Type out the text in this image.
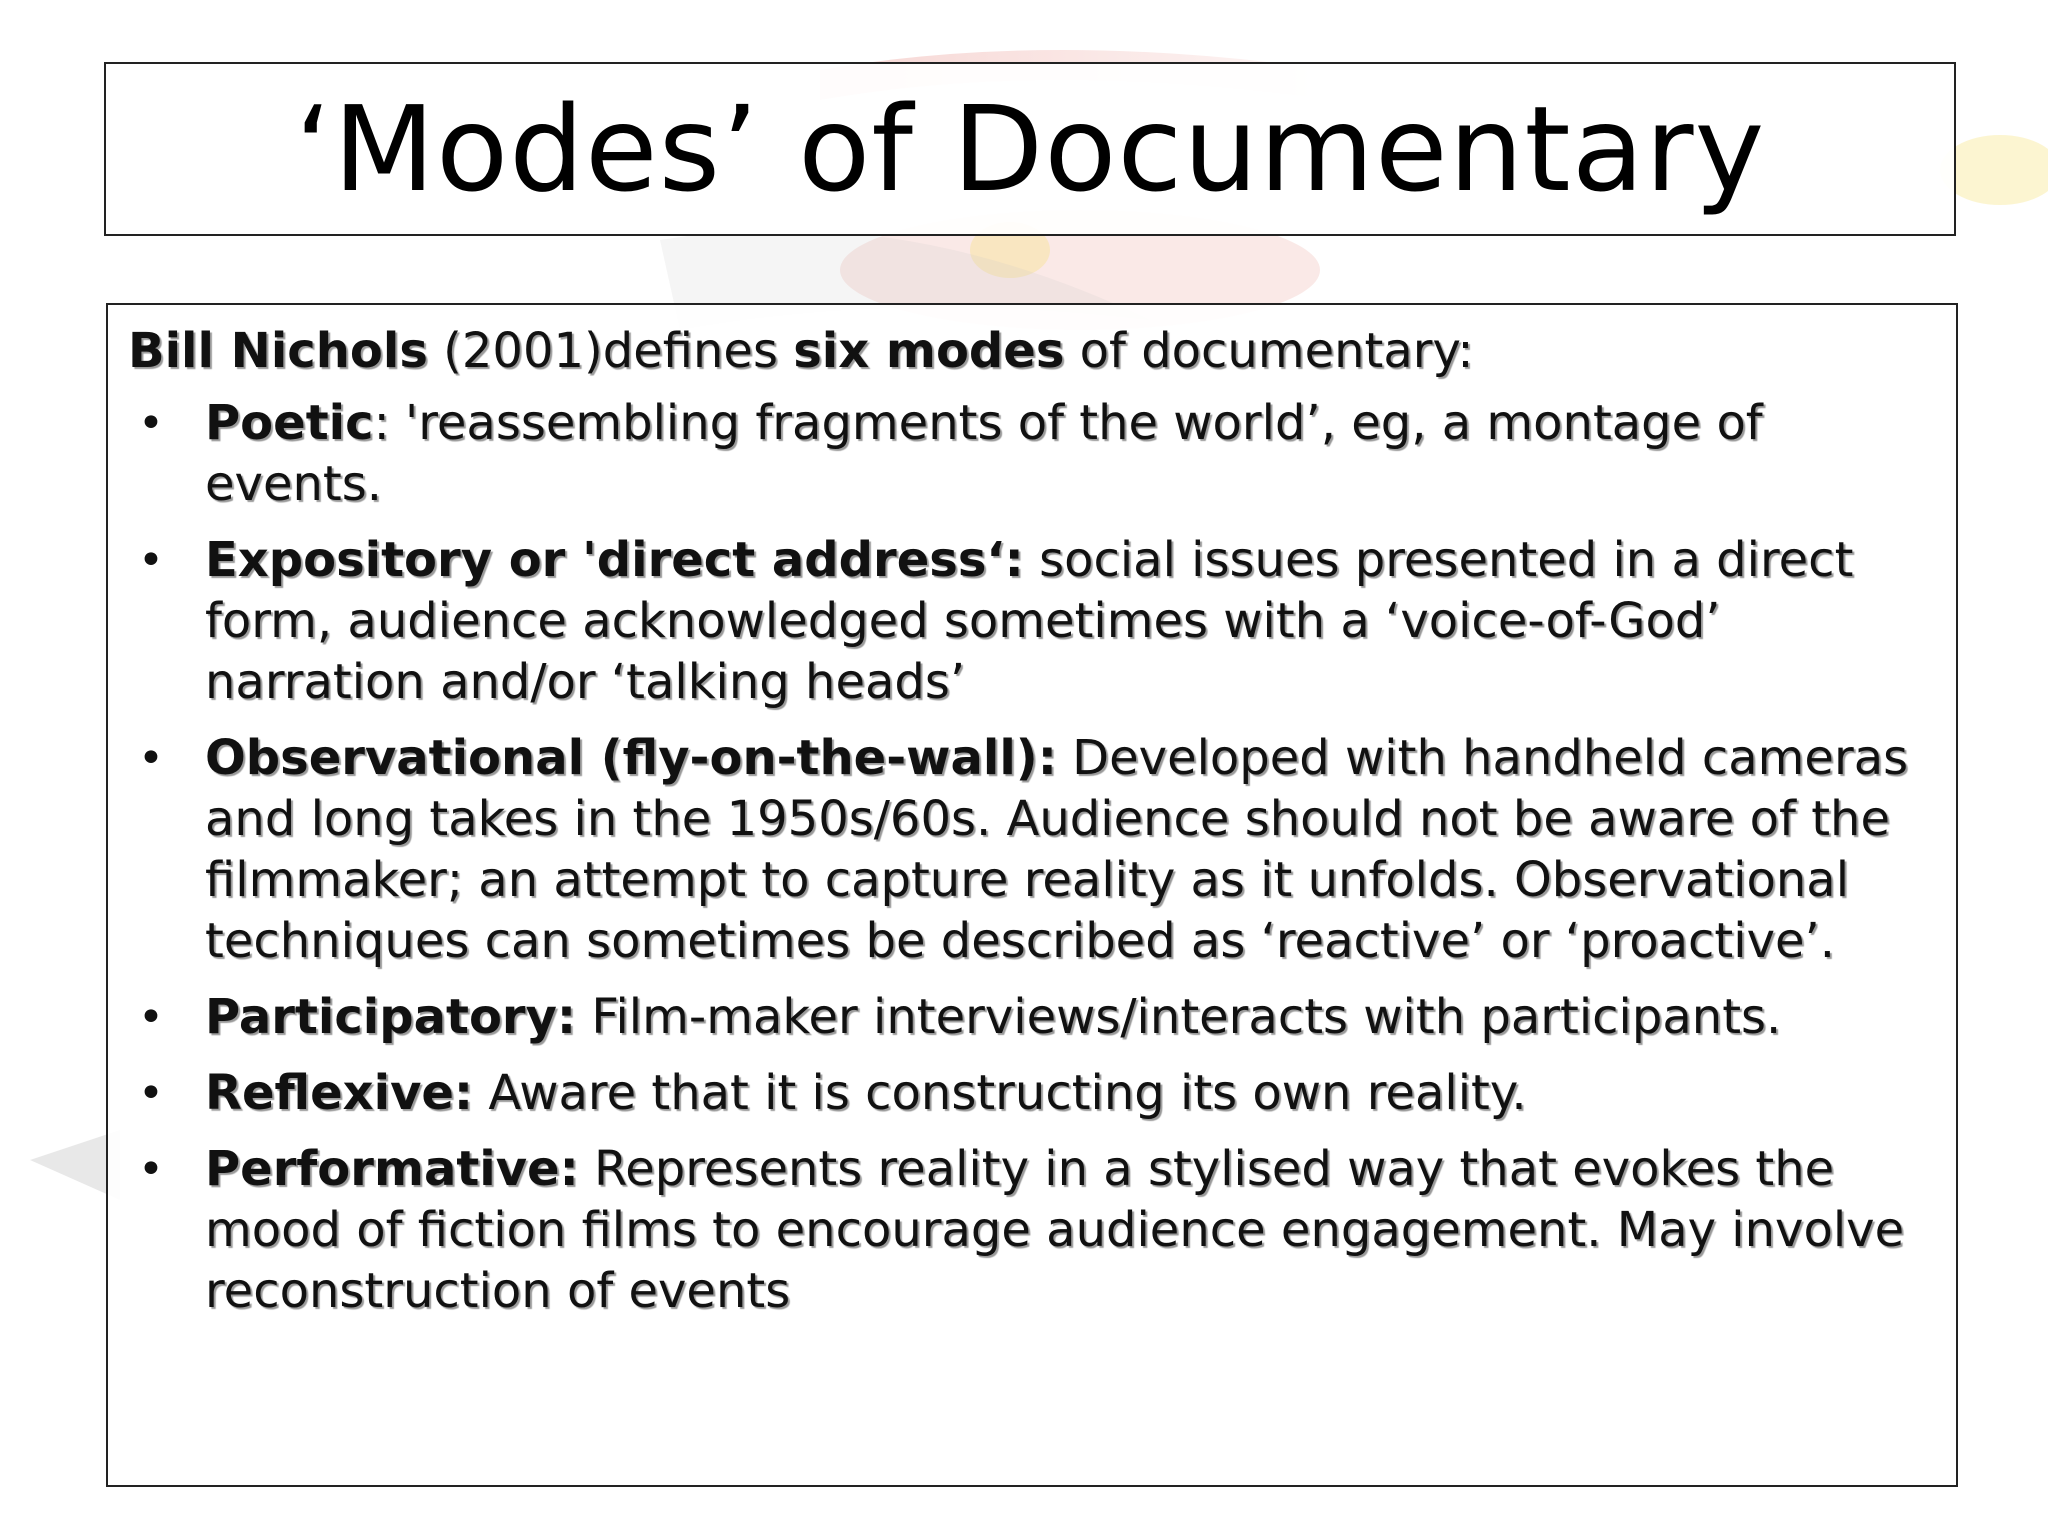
‘Modes’ of Documentary
Bill Nichols (2001)defines six modes of documentary:
• Poetic: 'reassembling fragments of the world’, eg, a montage of events.
• Expository or 'direct address‘: social issues presented in a direct form, audience acknowledged sometimes with a ‘voice-of-God’ narration and/or ‘talking heads’
• Observational (fly-on-the-wall): Developed with handheld cameras and long takes in the 1950s/60s. Audience should not be aware of the filmmaker; an attempt to capture reality as it unfolds. Observational techniques can sometimes be described as ‘reactive’ or ‘proactive’.
• Participatory: Film-maker interviews/interacts with participants.
• Reflexive: Aware that it is constructing its own reality.
• Performative: Represents reality in a stylised way that evokes the mood of fiction films to encourage audience engagement. May involve reconstruction of events
